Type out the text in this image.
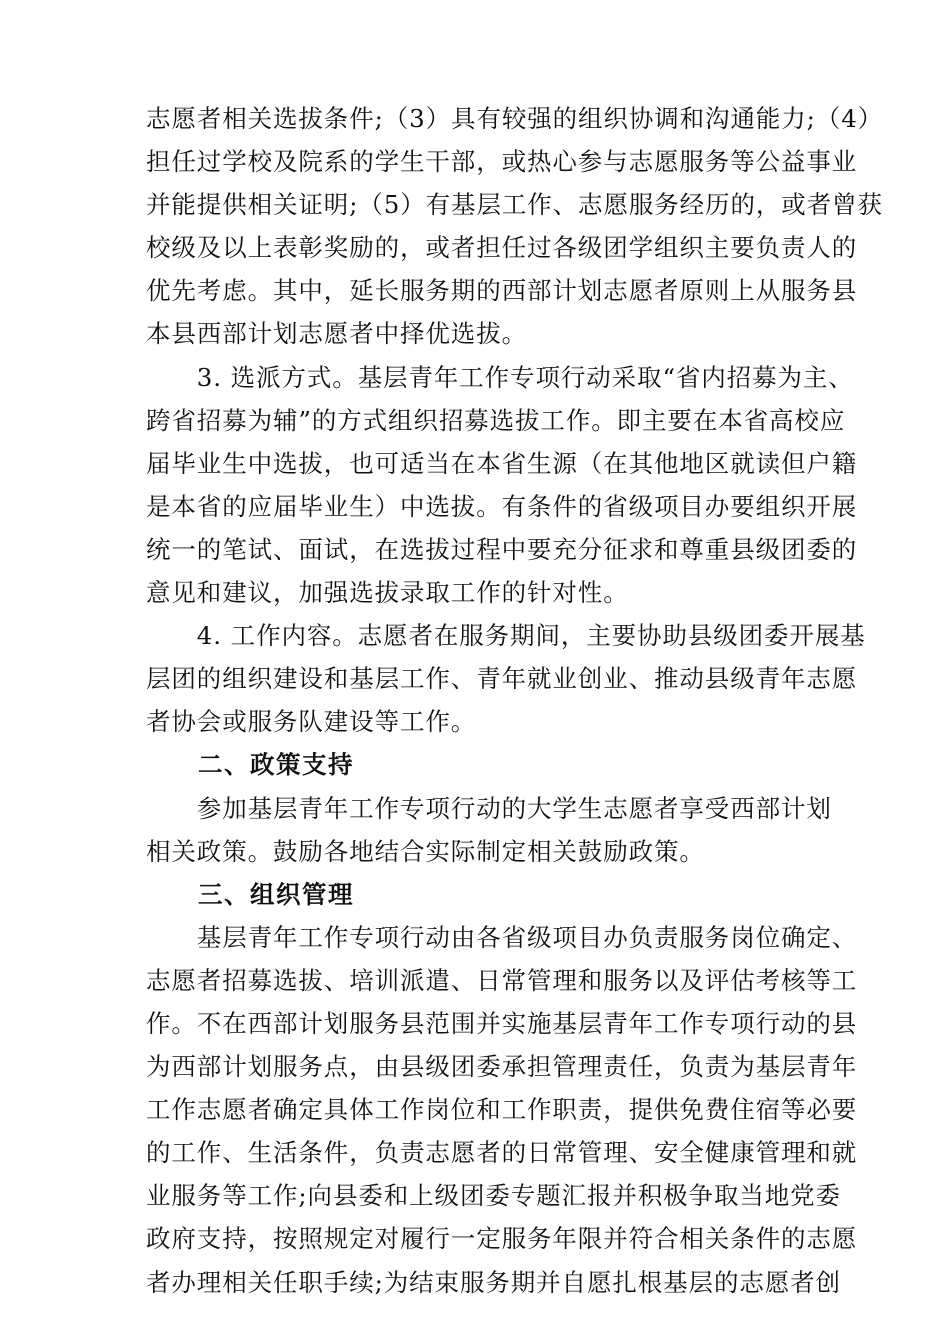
志愿者相关选拔条件;（3）具有较强的组织协调和沟通能力;（4）
担任过学校及院系的学生干部，或热心参与志愿服务等公益事业
并能提供相关证明;（5）有基层工作、志愿服务经历的，或者曾获
校级及以上表彰奖励的，或者担任过各级团学组织主要负责人的
优先考虑。其中，延长服务期的西部计划志愿者原则上从服务县
本县西部计划志愿者中择优选拔。
　　3. 选派方式。基层青年工作专项行动采取“省内招募为主、
跨省招募为辅”的方式组织招募选拔工作。即主要在本省高校应
届毕业生中选拔，也可适当在本省生源（在其他地区就读但户籍
是本省的应届毕业生）中选拔。有条件的省级项目办要组织开展
统一的笔试、面试，在选拔过程中要充分征求和尊重县级团委的
意见和建议，加强选拔录取工作的针对性。
　　4. 工作内容。志愿者在服务期间，主要协助县级团委开展基
层团的组织建设和基层工作、青年就业创业、推动县级青年志愿
者协会或服务队建设等工作。
　　二、政策支持
　　参加基层青年工作专项行动的大学生志愿者享受西部计划
相关政策。鼓励各地结合实际制定相关鼓励政策。
　　三、组织管理
　　基层青年工作专项行动由各省级项目办负责服务岗位确定、
志愿者招募选拔、培训派遣、日常管理和服务以及评估考核等工
作。不在西部计划服务县范围并实施基层青年工作专项行动的县
为西部计划服务点，由县级团委承担管理责任，负责为基层青年
工作志愿者确定具体工作岗位和工作职责，提供免费住宿等必要
的工作、生活条件，负责志愿者的日常管理、安全健康管理和就
业服务等工作;向县委和上级团委专题汇报并积极争取当地党委
政府支持，按照规定对履行一定服务年限并符合相关条件的志愿
者办理相关任职手续;为结束服务期并自愿扎根基层的志愿者创
